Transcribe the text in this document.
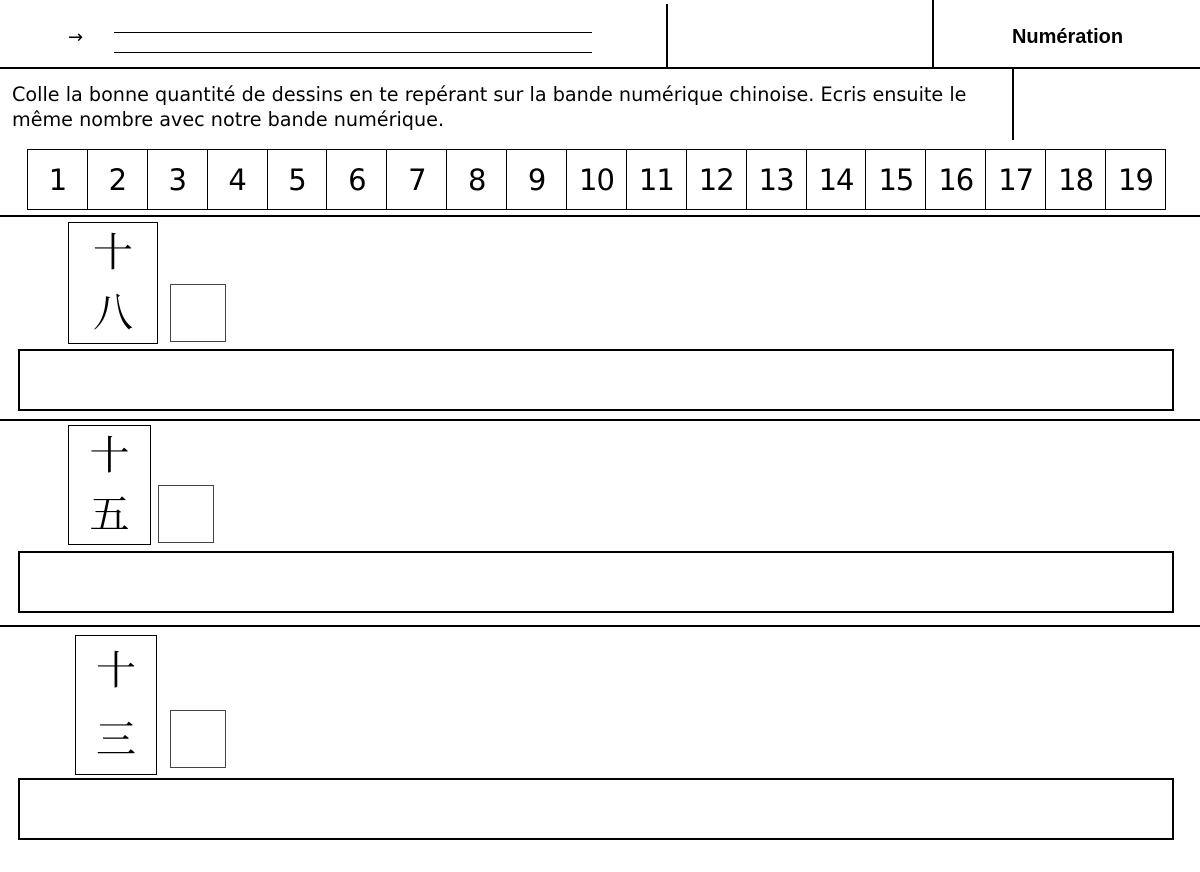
→	Numération
Colle la bonne quantité de dessins en te repérant sur la bande numérique chinoise. Ecris ensuite le même nombre avec notre bande numérique.
1	2	3	4	5	6	7	8	9	10 11 12 13 14 15 16 17 18 19
十
八
十
五
十
三
